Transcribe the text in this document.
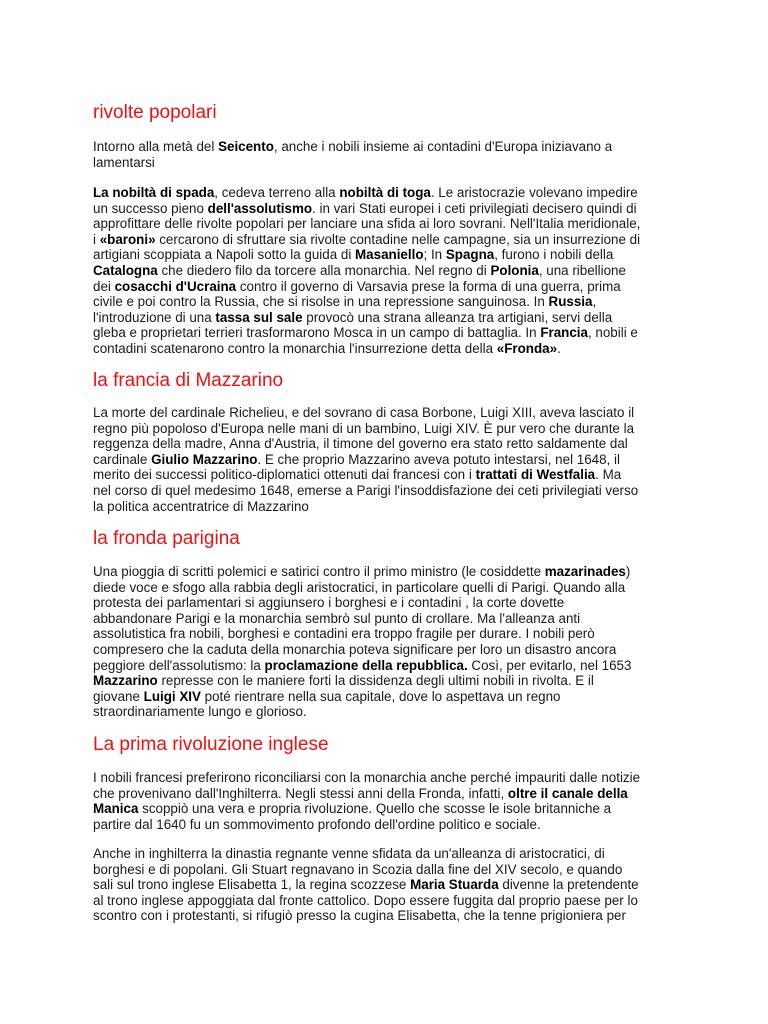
rivolte popolari
Intorno alla metà del Seicento, anche i nobili insieme ai contadini d'Europa iniziavano a
lamentarsi
La nobiltà di spada, cedeva terreno alla nobiltà di toga. Le aristocrazie volevano impedire
un successo pieno dell'assolutismo. in vari Stati europei i ceti privilegiati decisero quindi di
approfittare delle rivolte popolari per lanciare una sfida ai loro sovrani. Nell'Italia meridionale,
i «baroni» cercarono di sfruttare sia rivolte contadine nelle campagne, sia un insurrezione di
artigiani scoppiata a Napoli sotto la guida di Masaniello; In Spagna, furono i nobili della
Catalogna che diedero filo da torcere alla monarchia. Nel regno di Polonia, una ribellione
dei cosacchi d'Ucraina contro il governo di Varsavia prese la forma di una guerra, prima
civile e poi contro la Russia, che si risolse in una repressione sanguinosa. In Russia,
l'introduzione di una tassa sul sale provocò una strana alleanza tra artigiani, servi della
gleba e proprietari terrieri trasformarono Mosca in un campo di battaglia. In Francia, nobili e
contadini scatenarono contro la monarchia l'insurrezione detta della «Fronda».
la francia di Mazzarino
La morte del cardinale Richelieu, e del sovrano di casa Borbone, Luigi XIII, aveva lasciato il
regno più popoloso d'Europa nelle mani di un bambino, Luigi XIV. È pur vero che durante la
reggenza della madre, Anna d'Austria, il timone del governo era stato retto saldamente dal
cardinale Giulio Mazzarino. E che proprio Mazzarino aveva potuto intestarsi, nel 1648, il
merito dei successi politico-diplomatici ottenuti dai francesi con i trattati di Westfalia. Ma
nel corso di quel medesimo 1648, emerse a Parigi l'insoddisfazione dei ceti privilegiati verso
la politica accentratrice di Mazzarino
la fronda parigina
Una pioggia di scritti polemici e satirici contro il primo ministro (le cosiddette mazarinades)
diede voce e sfogo alla rabbia degli aristocratici, in particolare quelli di Parigi. Quando alla
protesta dei parlamentari si aggiunsero i borghesi e i contadini , la corte dovette
abbandonare Parigi e la monarchia sembrò sul punto di crollare. Ma l'alleanza anti
assolutistica fra nobili, borghesi e contadini era troppo fragile per durare. I nobili però
compresero che la caduta della monarchia poteva significare per loro un disastro ancora
peggiore dell'assolutismo: la proclamazione della repubblica. Così, per evitarlo, nel 1653
Mazzarino represse con le maniere forti la dissidenza degli ultimi nobili in rivolta. E il
giovane Luigi XIV poté rientrare nella sua capitale, dove lo aspettava un regno
straordinariamente lungo e glorioso.
La prima rivoluzione inglese
I nobili francesi preferirono riconciliarsi con la monarchia anche perché impauriti dalle notizie
che provenivano dall'Inghilterra. Negli stessi anni della Fronda, infatti, oltre il canale della
Manica scoppiò una vera e propria rivoluzione. Quello che scosse le isole britanniche a
partire dal 1640 fu un sommovimento profondo dell'ordine politico e sociale.
Anche in inghilterra la dinastia regnante venne sfidata da un'alleanza di aristocratici, di
borghesi e di popolani. Gli Stuart regnavano in Scozia dalla fine del XIV secolo, e quando
sali sul trono inglese Elisabetta 1, la regina scozzese Maria Stuarda divenne la pretendente
al trono inglese appoggiata dal fronte cattolico. Dopo essere fuggita dal proprio paese per lo
scontro con i protestanti, si rifugiò presso la cugina Elisabetta, che la tenne prigioniera per
